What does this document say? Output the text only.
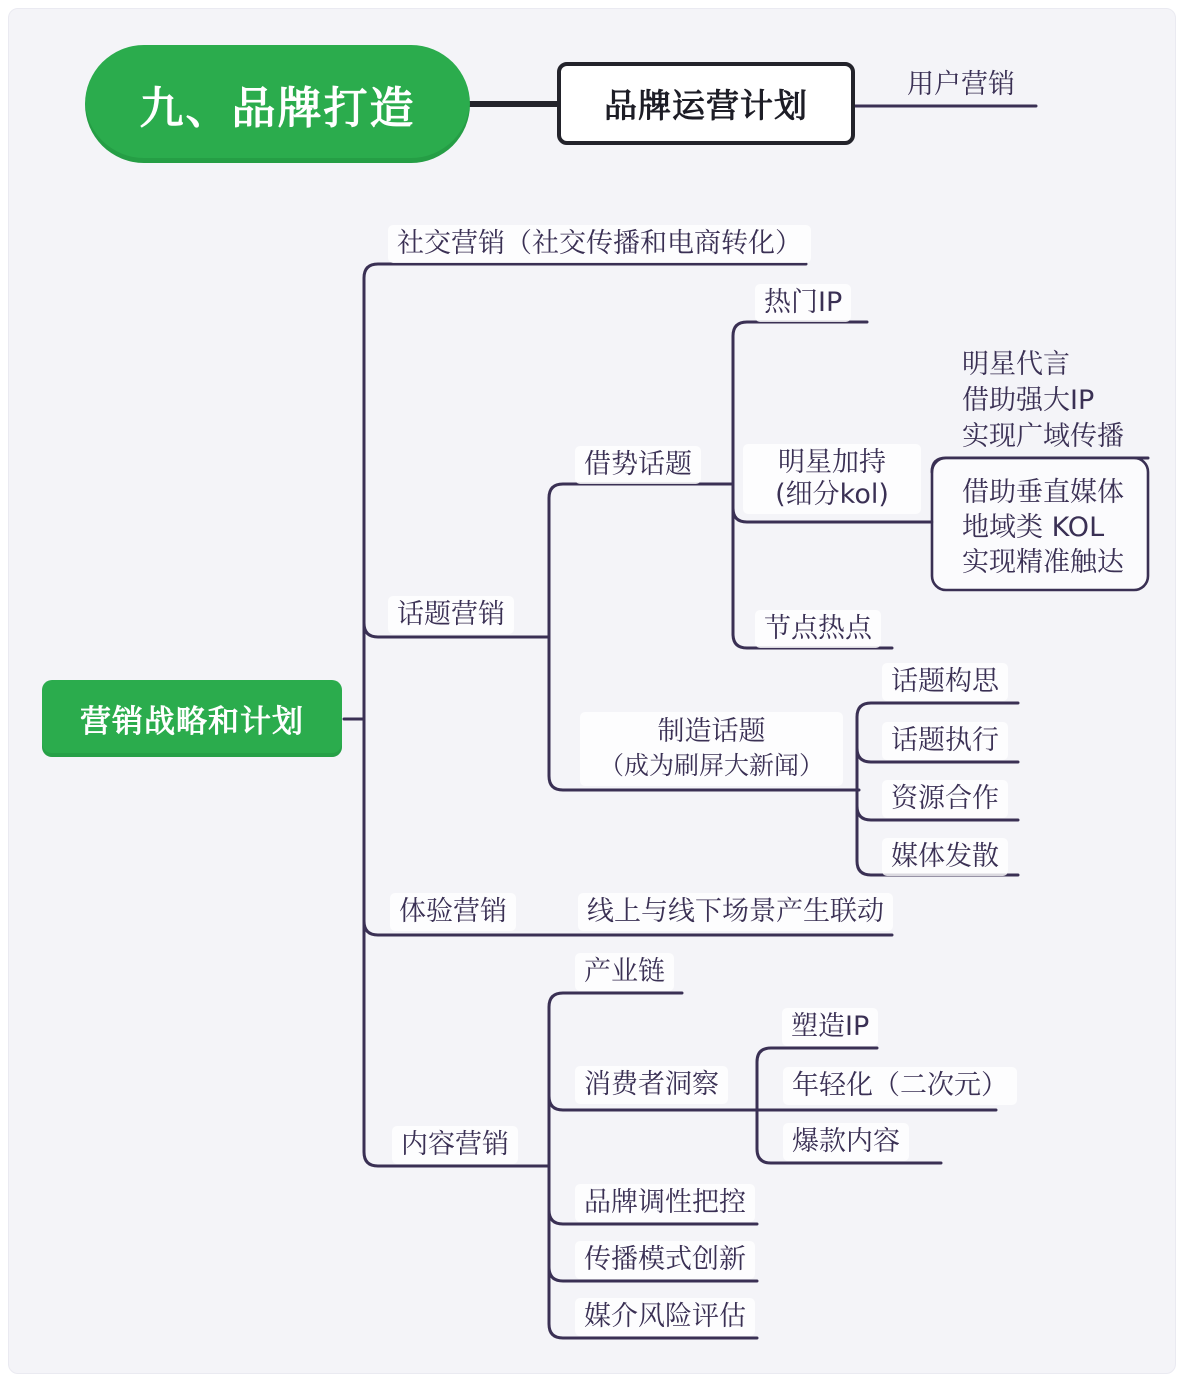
九、品牌打造	品牌运营计划
用户营销
营销战略和计划
社交营销（社交传播和电商转化）
话题营销
体验营销
内容营销
借势话题
热门IP
明星加持
(细分kol)
明星代言
借助强大IP
实现广域传播
借助垂直媒体
地域类 KOL
实现精准触达
节点热点
制造话题
（成为刷屏大新闻）
话题构思
话题执行
资源合作
媒体发散
线上与线下场景产生联动
产业链
消费者洞察
塑造IP
年轻化（二次元）
爆款内容
品牌调性把控
传播模式创新
媒介风险评估
